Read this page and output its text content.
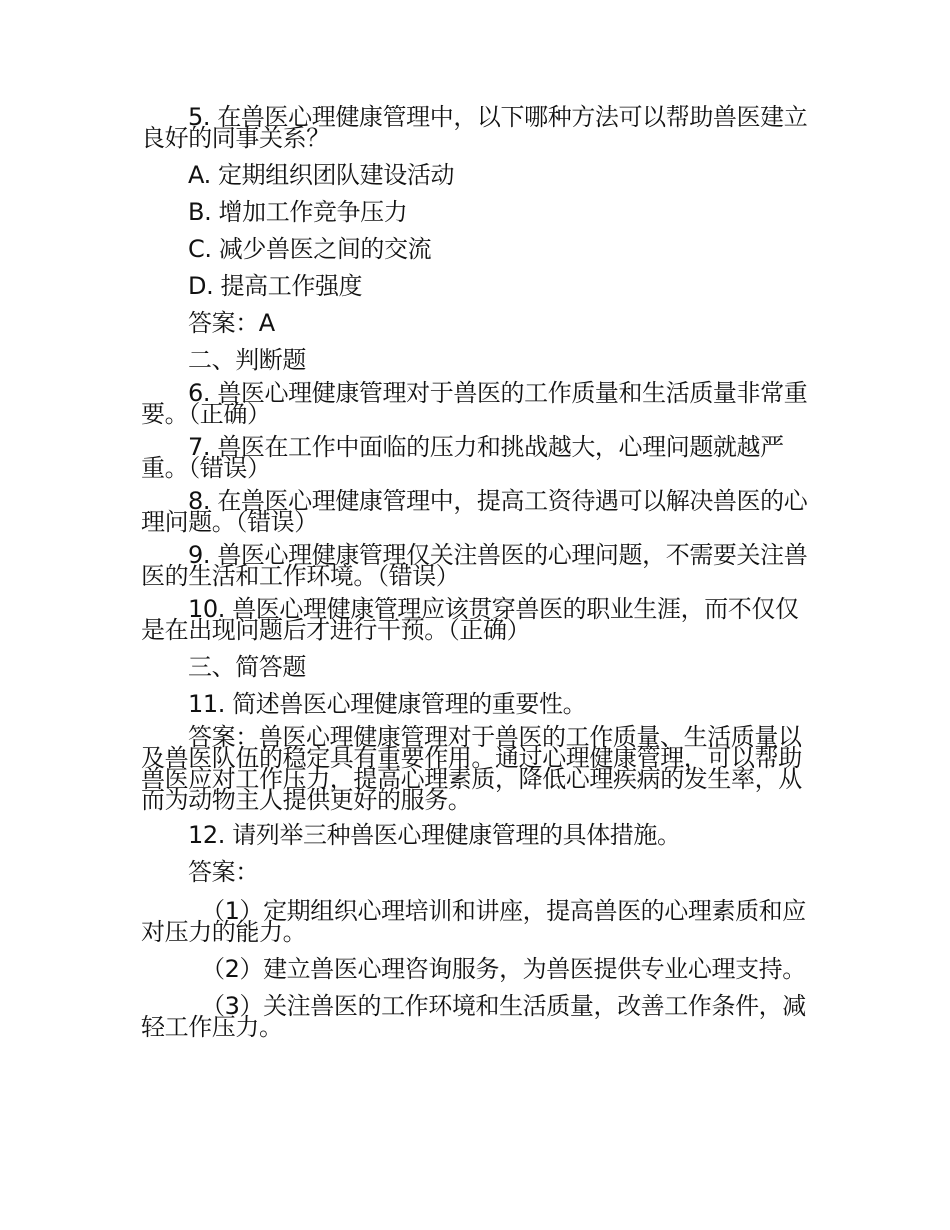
5. 在兽医心理健康管理中，以下哪种方法可以帮助兽医建立良好的同事关系？

A. 定期组织团队建设活动

B. 增加工作竞争压力

C. 减少兽医之间的交流

D. 提高工作强度

答案：A

二、判断题

6. 兽医心理健康管理对于兽医的工作质量和生活质量非常重要。（正确）

7. 兽医在工作中面临的压力和挑战越大，心理问题就越严重。（错误）

8. 在兽医心理健康管理中，提高工资待遇可以解决兽医的心理问题。（错误）

9. 兽医心理健康管理仅关注兽医的心理问题，不需要关注兽医的生活和工作环境。（错误）

10. 兽医心理健康管理应该贯穿兽医的职业生涯，而不仅仅是在出现问题后才进行干预。（正确）

三、简答题

11. 简述兽医心理健康管理的重要性。

答案：兽医心理健康管理对于兽医的工作质量、生活质量以及兽医队伍的稳定具有重要作用。通过心理健康管理，可以帮助兽医应对工作压力，提高心理素质，降低心理疾病的发生率，从而为动物主人提供更好的服务。

12. 请列举三种兽医心理健康管理的具体措施。

答案：

（1）定期组织心理培训和讲座，提高兽医的心理素质和应对压力的能力。

（2）建立兽医心理咨询服务，为兽医提供专业心理支持。

（3）关注兽医的工作环境和生活质量，改善工作条件，减轻工作压力。
